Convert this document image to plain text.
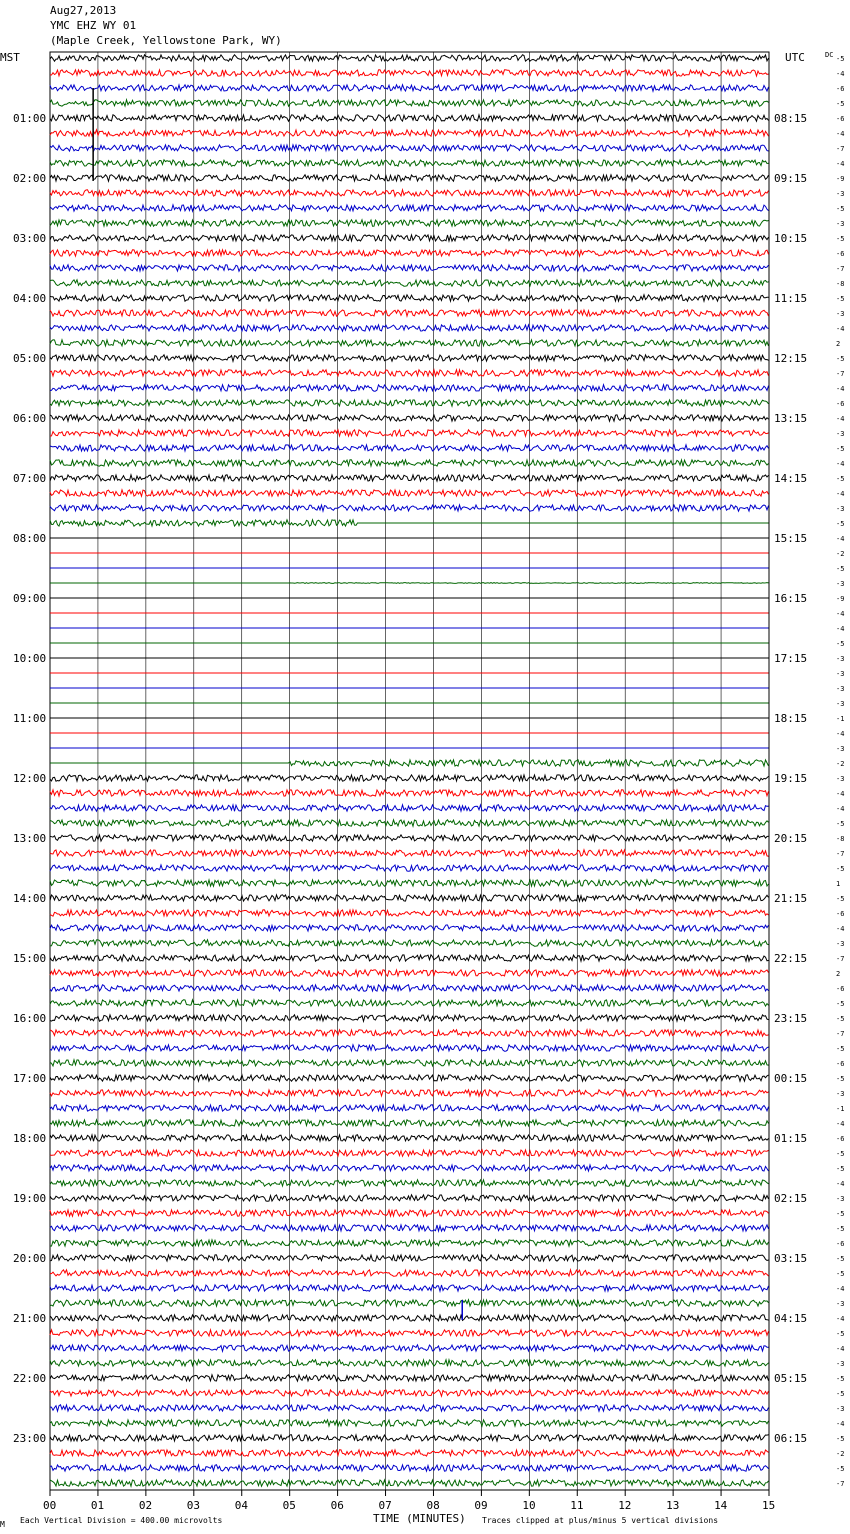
Aug27,2013
YMC EHZ WY 01
(Maple Creek, Yellowstone Park, WY)
01:00
02:00
03:00
04:00
05:00
06:00
07:00
08:00
09:00
10:00
11:00
12:00
13:00
14:00
15:00
16:00
17:00
18:00
19:00
20:00
21:00
22:00
23:00
08:15
09:15
10:15
11:15
12:15
13:15
14:15
15:15
16:15
17:15
18:15
19:15
20:15
21:15
22:15
23:15
00:15
01:15
02:15
03:15
04:15
05:15
06:15
-5
-4
-6
-5
-6
-4
-7
-4
-9
-3
-5
-3
-5
-6
-7
-8
-5
-3
-4
2
-5
-7
-4
-6
-4
-3
-5
-4
-5
-4
-3
-5
-4
-2
-5
-3
-9
-4
-4
-5
-3
-3
-3
-3
-1
-4
-3
-2
-3
-4
-4
-5
-8
-7
-5
1
-5
-6
-4
-3
-7
2
-6
-5
-5
-7
-5
-6
-5
-3
-1
-4
-6
-5
-5
-4
-3
-5
-5
-6
-5
-5
-4
-3
-4
-5
-4
-3
-5
-5
-3
-4
-5
-2
-5
-7
00	01	02	03	04	05	06	07	08	09	10	11	12	13	14	15
MST	UTC	DC
TIME (MINUTES)
Each Vertical Division = 400.00 microvolts	Traces clipped at plus/minus 5 vertical divisions
M
